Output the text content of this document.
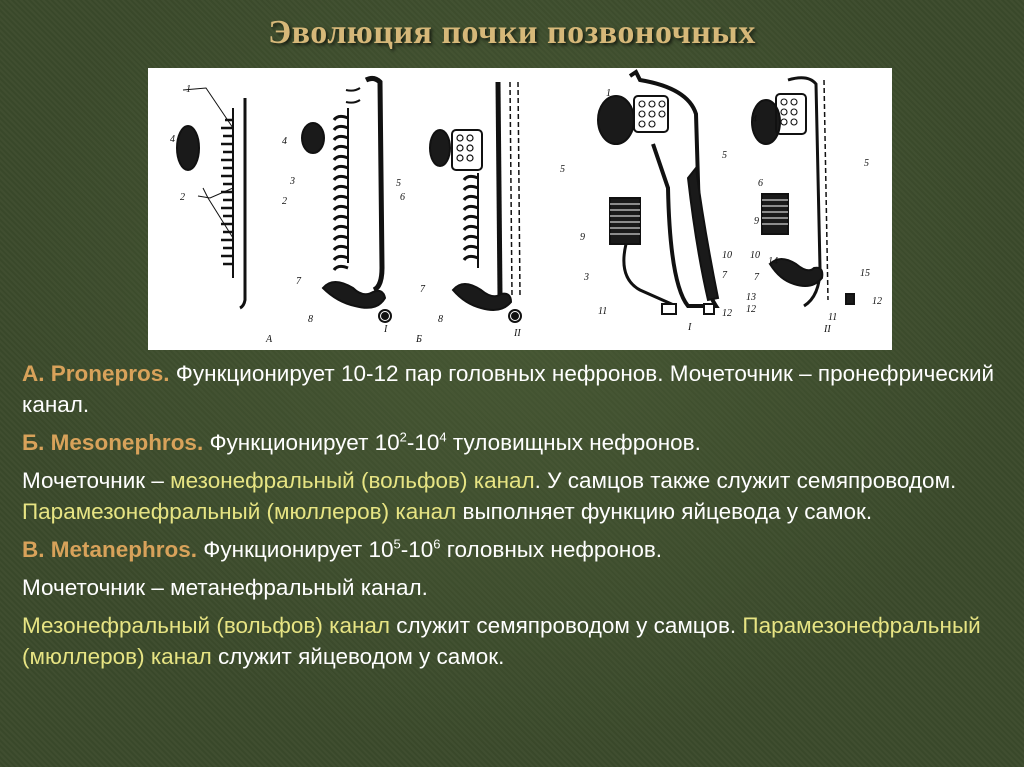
Эволюция почки позвоночных
1
4
2
3
7
8
А
I
4
2
5
6
7
8
Б
II
5
1
5
9
10
3	7
11	12
I
4
5
6
9
10
7
14
13
12
15
12
11
II

А. Pronepros. Функционирует 10-12 пар головных нефронов. Мочеточник – пронефрический канал.

Б. Mesonephros. Функционирует $10^2-10^4$ туловищных нефронов.

Мочеточник – мезонефральный (вольфов) канал. У самцов также служит семяпроводом. Парамезонефральный (мюллеров) канал выполняет функцию яйцевода у самок.

В. Metanephros. Функционирует $10^5-10^6$ головных нефронов.

Мочеточник – метанефральный канал.

Мезонефральный (вольфов) канал служит семяпроводом у самцов. Парамезонефральный (мюллеров) канал служит яйцеводом у самок.
